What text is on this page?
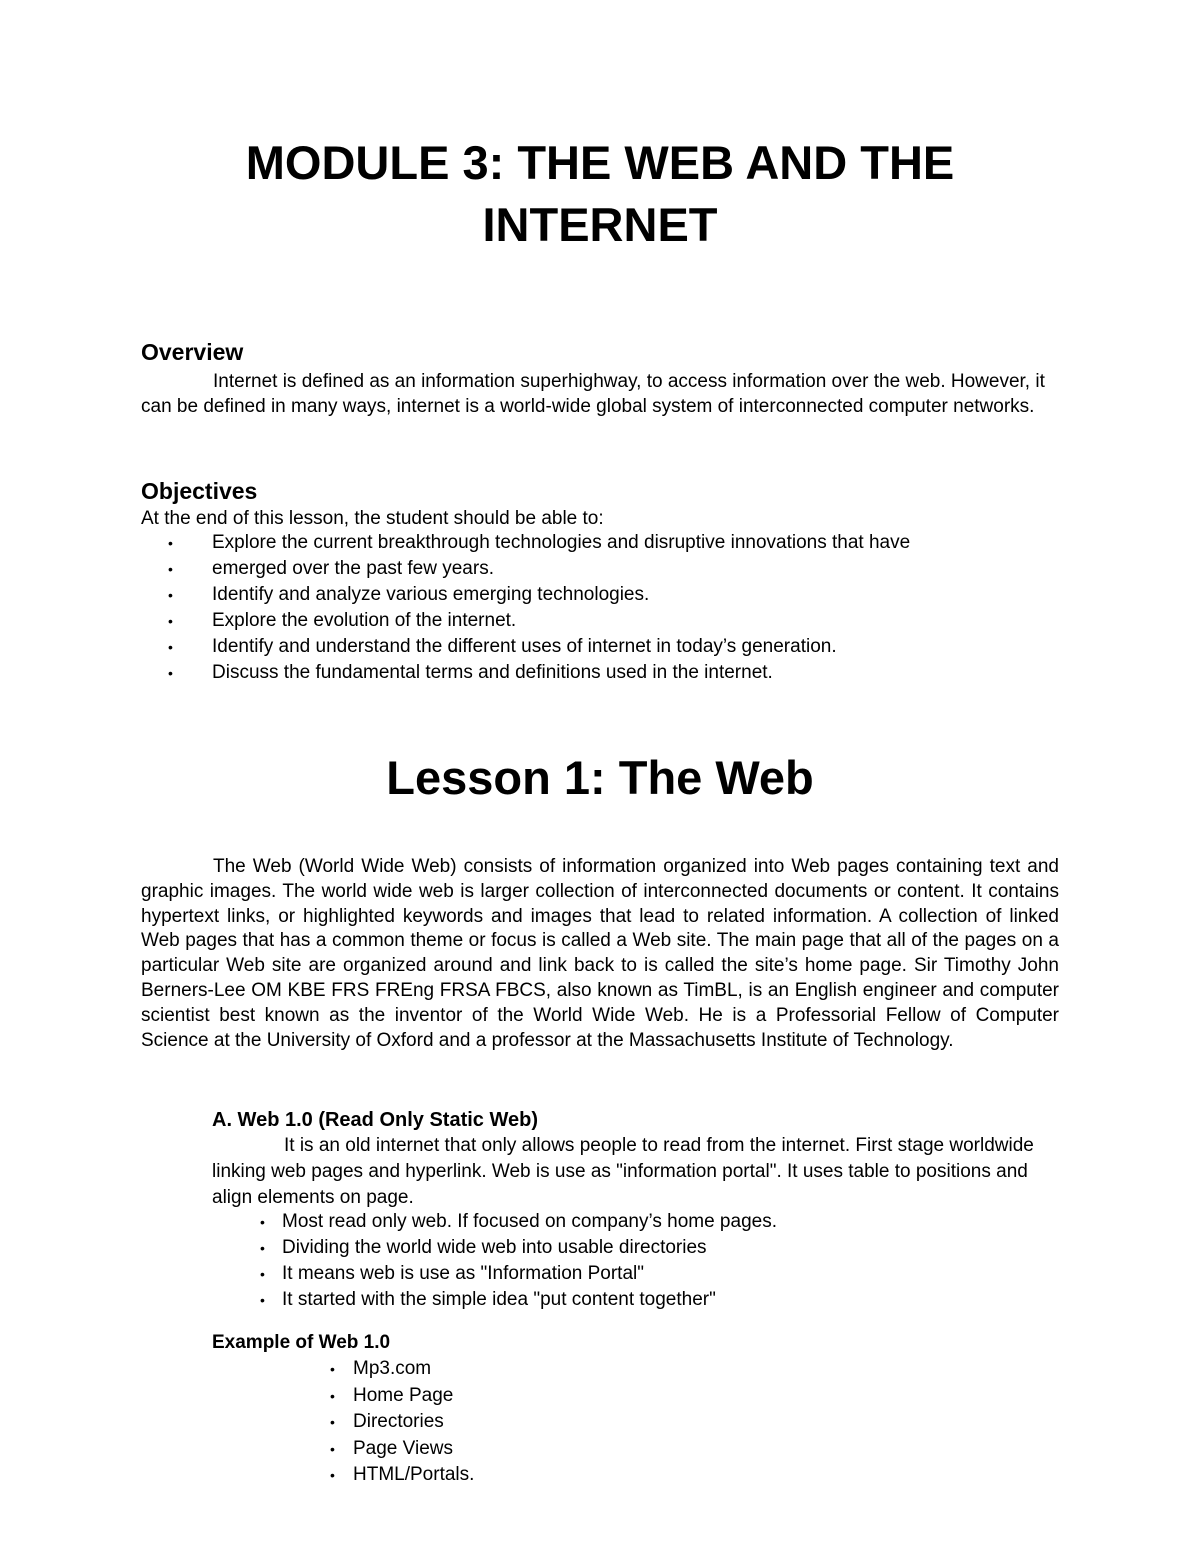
MODULE 3: THE WEB AND THE
INTERNET
Overview

Internet is defined as an information superhighway, to access information over the web. However, it can be defined in many ways, internet is a world-wide global system of interconnected computer networks.

Objectives

At the end of this lesson, the student should be able to:

• Explore the current breakthrough technologies and disruptive innovations that have
• emerged over the past few years.
• Identify and analyze various emerging technologies.
• Explore the evolution of the internet.
• Identify and understand the different uses of internet in today’s generation.
• Discuss the fundamental terms and definitions used in the internet.
Lesson 1: The Web

The Web (World Wide Web) consists of information organized into Web pages containing text and graphic images. The world wide web is larger collection of interconnected documents or content. It contains hypertext links, or highlighted keywords and images that lead to related information. A collection of linked Web pages that has a common theme or focus is called a Web site. The main page that all of the pages on a particular Web site are organized around and link back to is called the site’s home page. Sir Timothy John Berners-Lee OM KBE FRS FREng FRSA FBCS, also known as TimBL, is an English engineer and computer scientist best known as the inventor of the World Wide Web. He is a Professorial Fellow of Computer Science at the University of Oxford and a professor at the Massachusetts Institute of Technology.

A. Web 1.0 (Read Only Static Web)

It is an old internet that only allows people to read from the internet. First stage worldwide linking web pages and hyperlink. Web is use as "information portal". It uses table to positions and align elements on page.

• Most read only web. If focused on company’s home pages.
• Dividing the world wide web into usable directories
• It means web is use as "Information Portal"
• It started with the simple idea "put content together"
Example of Web 1.0
• Mp3.com
• Home Page
• Directories
• Page Views
• HTML/Portals.
